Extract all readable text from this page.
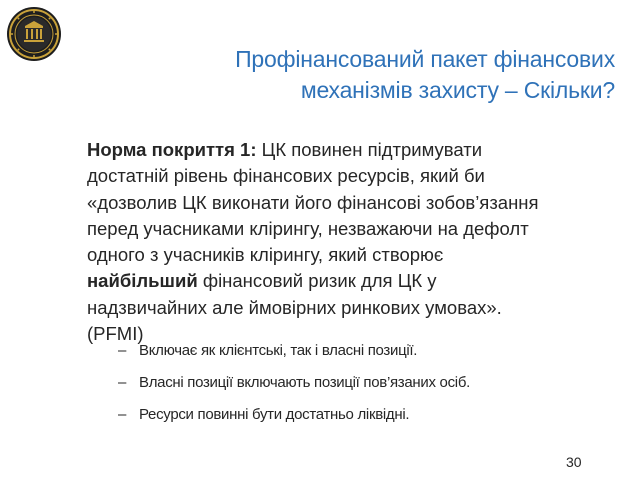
Профінансований пакет фінансових
механізмів захисту – Скільки?
Норма покриття 1: ЦК повинен підтримувати
достатній рівень фінансових ресурсів, який би
«дозволив ЦК виконати його фінансові зобов’язання
перед учасниками клірингу, незважаючи на дефолт
одного з учасників клірингу, який створює
найбільший фінансовий ризик для ЦК у
надзвичайних але ймовірних ринкових умовах».
(PFMI)
– Включає як клієнтські, так і власні позиції.
– Власні позиції включають позиції пов’язаних осіб.
– Ресурси повинні бути достатньо ліквідні.
30
